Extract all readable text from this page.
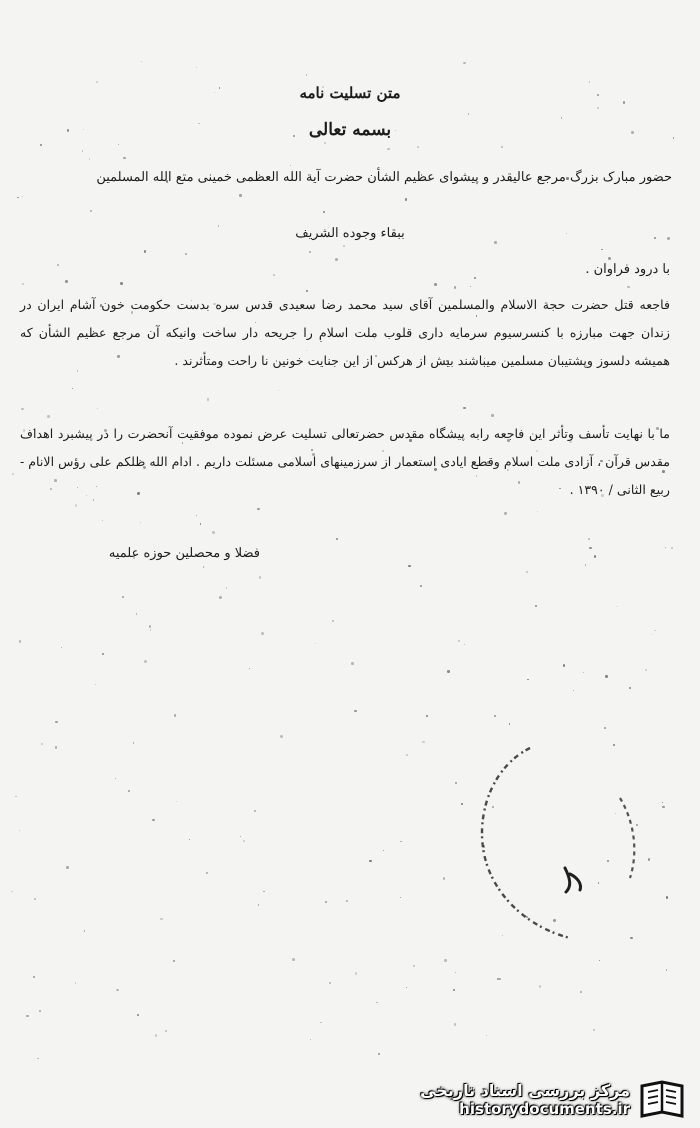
متن تسلیت نامه
بسمه تعالی
حضور مبارک بزرگ مرجع عالیقدر و پیشوای عظیم الشأن حضرت آیة الله العظمی خمینی متع الله المسلمین
ببقاء وجوده الشریف
با درود فراوان .
فاجعه قتل حضرت حجة الاسلام والمسلمین آقای سید محمد رضا سعیدی قدس سره بدست حکومت خون آشام ایران در زندان جهت مبارزه با کنسرسیوم سرمایه داری قلوب ملت اسلام را جریحه دار ساخت وانیکه آن مرجع عظیم الشأن که همیشه دلسوز وپشتیبان مسلمین میباشند بیش از هرکس از این جنایت خونین نا راحت ومتأثرند .
ما با نهایت تأسف وتأثر این فاجعه رابه پیشگاه مقدس حضرتعالی تسلیت عرض نموده موفقیت آنحضرت را در پیشبرد اهداف مقدس قرآن ، آزادی ملت اسلام وقطع ایادی استعمار از سرزمینهای اسلامی مسئلت داریم . ادام الله ظلکم علی رؤس الانام - ربیع الثانی / ۱۳۹۰ .
فضلا و محصلین حوزه علمیه
مرکز بررسی اسناد تاریخی
historydocuments.ir
